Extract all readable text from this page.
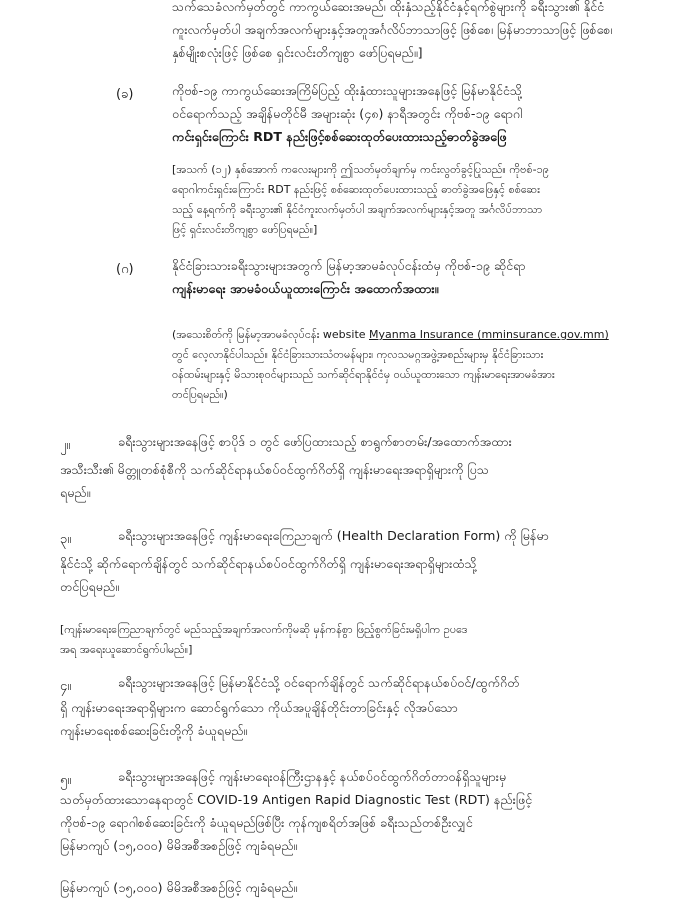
သက်သေခံလက်မှတ်တွင် ကာကွယ်ဆေးအမည်၊ ထိုးနှံသည့်နိုင်ငံနှင့်ရက်စွဲများကို ခရီးသွား၏ နိုင်ငံ
ကူးလက်မှတ်ပါ အချက်အလက်များနှင့်အတူအင်္ဂလိပ်ဘာသာဖြင့် ဖြစ်စေ၊ မြန်မာဘာသာဖြင့် ဖြစ်စေ၊
နှစ်မျိုးစလုံးဖြင့် ဖြစ်စေ ရှင်းလင်းတိကျစွာ ဖော်ပြရမည်။]
(ခ)	ကိုဗစ်-၁၉ ကာကွယ်ဆေးအကြိမ်ပြည့် ထိုးနှံထားသူများအနေဖြင့် မြန်မာနိုင်ငံသို့
ဝင်ရောက်သည့် အချိန်မတိုင်မီ အများဆုံး (၄၈) နာရီအတွင်း ကိုဗစ်-၁၉ ရောဂါ
ကင်းရှင်းကြောင်း RDT နည်းဖြင့်စစ်ဆေးထုတ်ပေးထားသည့်ဓာတ်ခွဲအဖြေ
[အသက် (၁၂) နှစ်အောက် ကလေးများကို ဤသတ်မှတ်ချက်မှ ကင်းလွတ်ခွင့်ပြုသည်။ ကိုဗစ်-၁၉
ရောဂါကင်းရှင်းကြောင်း RDT နည်းဖြင့် စစ်ဆေးထုတ်ပေးထားသည့် ဓာတ်ခွဲအဖြေနှင့် စစ်ဆေး
သည့် နေ့ရက်ကို ခရီးသွား၏ နိုင်ငံကူးလက်မှတ်ပါ အချက်အလက်များနှင့်အတူ အင်္ဂလိပ်ဘာသာ
ဖြင့် ရှင်းလင်းတိကျစွာ ဖော်ပြရမည်။]
(ဂ)	နိုင်ငံခြားသားခရီးသွားများအတွက် မြန်မာ့အာမခံလုပ်ငန်းထံမှ ကိုဗစ်-၁၉ ဆိုင်ရာ
ကျန်းမာရေး အာမခံဝယ်ယူထားကြောင်း အထောက်အထား။
(အသေးစိတ်ကို မြန်မာ့အာမခံလုပ်ငန်း website Myanma Insurance (mminsurance.gov.mm)
တွင် လေ့လာနိုင်ပါသည်။ နိုင်ငံခြားသားသံတမန်များ၊ ကုလသမဂ္ဂအဖွဲ့အစည်းများမှ နိုင်ငံခြားသား
ဝန်ထမ်းများနှင့် မိသားစုဝင်များသည် သက်ဆိုင်ရာနိုင်ငံမှ ဝယ်ယူထားသော ကျန်းမာရေးအာမခံအား
တင်ပြရမည်။)
၂။	ခရီးသွားများအနေဖြင့် စာပိုဒ် ၁ တွင် ဖော်ပြထားသည့် စာရွက်စာတမ်း/အထောက်အထား
အသီးသီး၏ မိတ္တူတစ်စုံစီကို သက်ဆိုင်ရာနယ်စပ်ဝင်ထွက်ဂိတ်ရှိ ကျန်းမာရေးအရာရှိများကို ပြသ
ရမည်။
၃။	ခရီးသွားများအနေဖြင့် ကျန်းမာရေးကြေညာချက် (Health Declaration Form) ကို မြန်မာ
နိုင်ငံသို့ ဆိုက်ရောက်ချိန်တွင် သက်ဆိုင်ရာနယ်စပ်ဝင်ထွက်ဂိတ်ရှိ ကျန်းမာရေးအရာရှိများထံသို့
တင်ပြရမည်။
[ကျန်းမာရေးကြေညာချက်တွင် မည်သည့်အချက်အလက်ကိုမဆို မှန်ကန်စွာ ဖြည့်စွက်ခြင်းမရှိပါက ဥပဒေ
အရ အရေးယူဆောင်ရွက်ပါမည်။]
၄။	ခရီးသွားများအနေဖြင့် မြန်မာနိုင်ငံသို့ ဝင်ရောက်ချိန်တွင် သက်ဆိုင်ရာနယ်စပ်ဝင်/ထွက်ဂိတ်
ရှိ ကျန်းမာရေးအရာရှိများက ဆောင်ရွက်သော ကိုယ်အပူချိန်တိုင်းတာခြင်းနှင့် လိုအပ်သော
ကျန်းမာရေးစစ်ဆေးခြင်းတို့ကို ခံယူရမည်။
၅။	ခရီးသွားများအနေဖြင့် ကျန်းမာရေးဝန်ကြီးဌာနနှင့် နယ်စပ်ဝင်ထွက်ဂိတ်တာဝန်ရှိသူများမှ
သတ်မှတ်ထားသောနေရာတွင် COVID-19 Antigen Rapid Diagnostic Test (RDT) နည်းဖြင့်
ကိုဗစ်-၁၉ ရောဂါစစ်ဆေးခြင်းကို ခံယူရမည်ဖြစ်ပြီး ကုန်ကျစရိတ်အဖြစ် ခရီးသည်တစ်ဦးလျှင်
မြန်မာကျပ် (၁၅,၀၀၀) မိမိအစီအစဉ်ဖြင့် ကျခံရမည်။
မြန်မာကျပ် (၁၅,၀၀၀) မိမိအစီအစဉ်ဖြင့် ကျခံရမည်။
